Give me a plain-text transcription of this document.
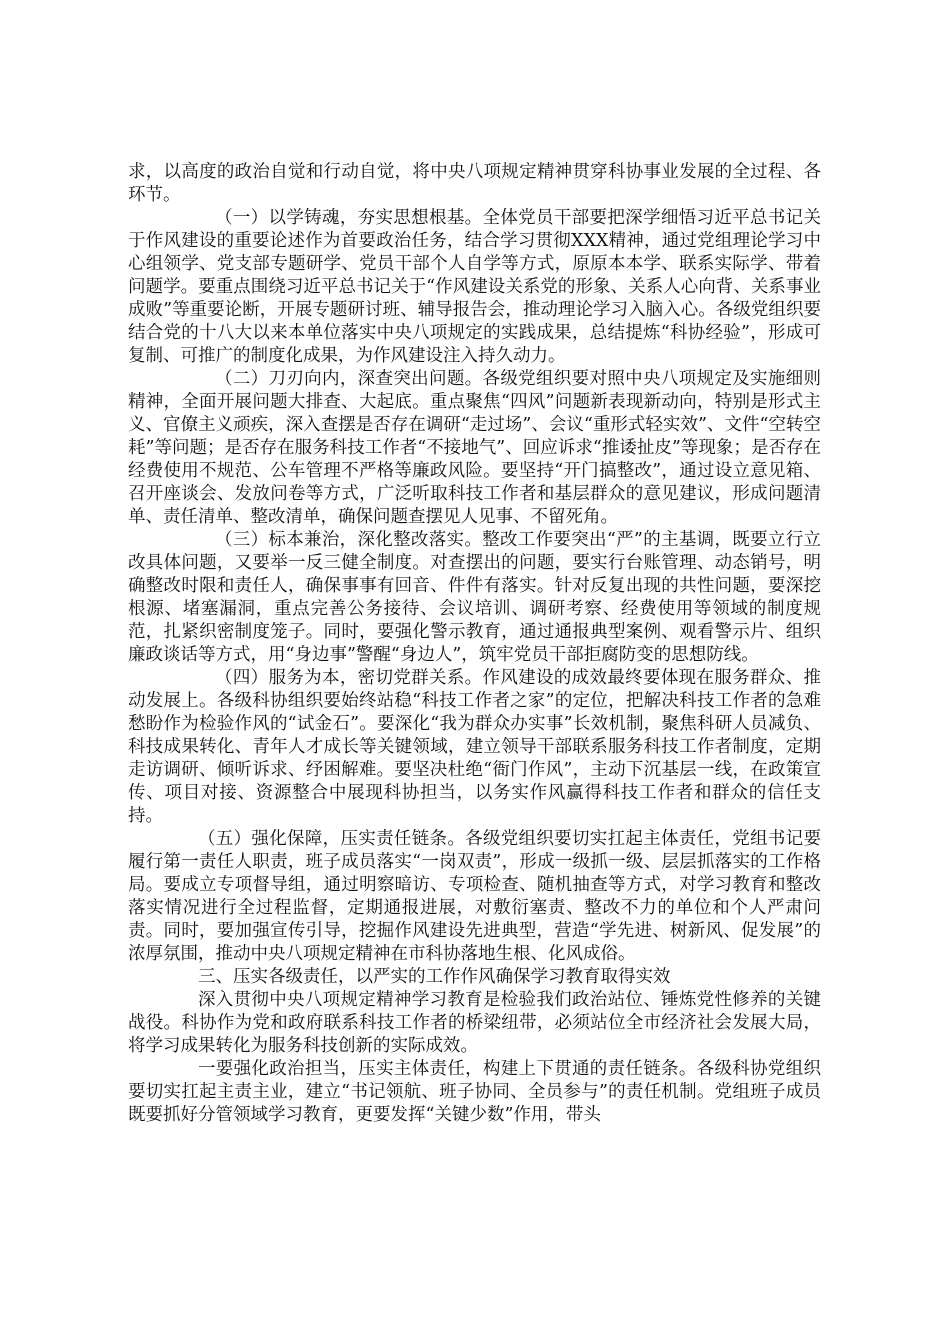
求，以高度的政治自觉和行动自觉，将中央八项规定精神贯穿科协事业发展的全过程、各环节。

（一）以学铸魂，夯实思想根基。全体党员干部要把深学细悟习近平总书记关于作风建设的重要论述作为首要政治任务，结合学习贯彻XXX精神，通过党组理论学习中心组领学、党支部专题研学、党员干部个人自学等方式，原原本本学、联系实际学、带着问题学。要重点围绕习近平总书记关于“作风建设关系党的形象、关系人心向背、关系事业成败”等重要论断，开展专题研讨班、辅导报告会，推动理论学习入脑入心。各级党组织要结合党的十八大以来本单位落实中央八项规定的实践成果，总结提炼“科协经验”，形成可复制、可推广的制度化成果，为作风建设注入持久动力。

（二）刀刃向内，深查突出问题。各级党组织要对照中央八项规定及实施细则精神，全面开展问题大排查、大起底。重点聚焦“四风”问题新表现新动向，特别是形式主义、官僚主义顽疾，深入查摆是否存在调研“走过场”、会议“重形式轻实效”、文件“空转空耗”等问题；是否存在服务科技工作者“不接地气”、回应诉求“推诿扯皮”等现象；是否存在经费使用不规范、公车管理不严格等廉政风险。要坚持“开门搞整改”，通过设立意见箱、召开座谈会、发放问卷等方式，广泛听取科技工作者和基层群众的意见建议，形成问题清单、责任清单、整改清单，确保问题查摆见人见事、不留死角。

（三）标本兼治，深化整改落实。整改工作要突出“严”的主基调，既要立行立改具体问题，又要举一反三健全制度。对查摆出的问题，要实行台账管理、动态销号，明确整改时限和责任人，确保事事有回音、件件有落实。针对反复出现的共性问题，要深挖根源、堵塞漏洞，重点完善公务接待、会议培训、调研考察、经费使用等领域的制度规范，扎紧织密制度笼子。同时，要强化警示教育，通过通报典型案例、观看警示片、组织廉政谈话等方式，用“身边事”警醒“身边人”，筑牢党员干部拒腐防变的思想防线。

（四）服务为本，密切党群关系。作风建设的成效最终要体现在服务群众、推动发展上。各级科协组织要始终站稳“科技工作者之家”的定位，把解决科技工作者的急难愁盼作为检验作风的“试金石”。要深化“我为群众办实事”长效机制，聚焦科研人员减负、科技成果转化、青年人才成长等关键领域，建立领导干部联系服务科技工作者制度，定期走访调研、倾听诉求、纾困解难。要坚决杜绝“衙门作风”，主动下沉基层一线，在政策宣传、项目对接、资源整合中展现科协担当，以务实作风赢得科技工作者和群众的信任支持。

（五）强化保障，压实责任链条。各级党组织要切实扛起主体责任，党组书记要履行第一责任人职责，班子成员落实“一岗双责”，形成一级抓一级、层层抓落实的工作格局。要成立专项督导组，通过明察暗访、专项检查、随机抽查等方式，对学习教育和整改落实情况进行全过程监督，定期通报进展，对敷衍塞责、整改不力的单位和个人严肃问责。同时，要加强宣传引导，挖掘作风建设先进典型，营造“学先进、树新风、促发展”的浓厚氛围，推动中央八项规定精神在市科协落地生根、化风成俗。

三、压实各级责任，以严实的工作作风确保学习教育取得实效

深入贯彻中央八项规定精神学习教育是检验我们政治站位、锤炼党性修养的关键战役。科协作为党和政府联系科技工作者的桥梁纽带，必须站位全市经济社会发展大局，将学习成果转化为服务科技创新的实际成效。

一要强化政治担当，压实主体责任，构建上下贯通的责任链条。各级科协党组织要切实扛起主责主业，建立“书记领航、班子协同、全员参与”的责任机制。党组班子成员既要抓好分管领域学习教育，更要发挥“关键少数”作用，带头
